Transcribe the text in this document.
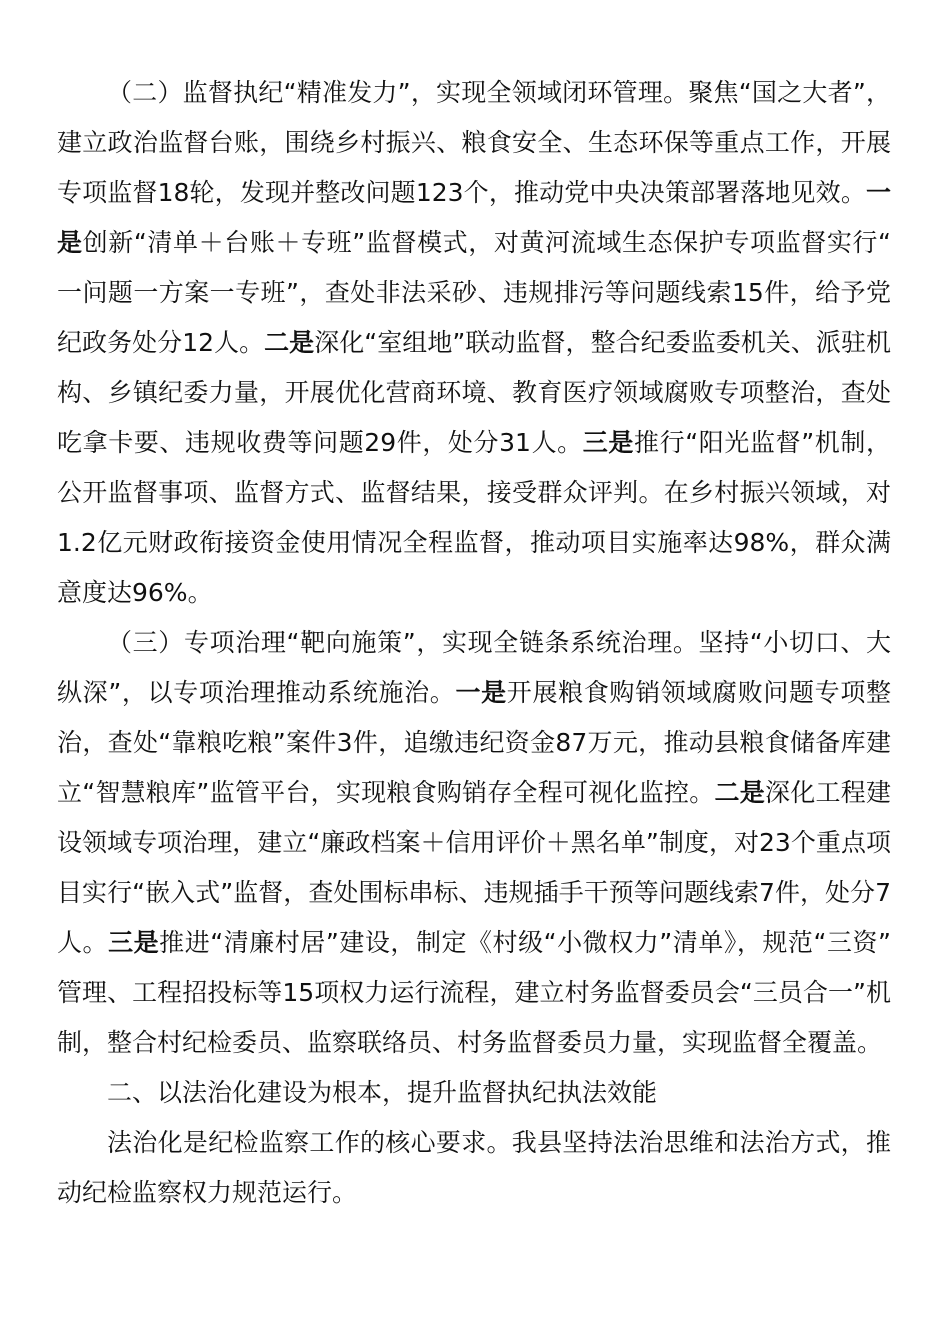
（二）监督执纪“精准发力”，实现全领域闭环管理。聚焦“国之大者”，建立政治监督台账，围绕乡村振兴、粮食安全、生态环保等重点工作，开展专项监督18轮，发现并整改问题123个，推动党中央决策部署落地见效。一是创新“清单＋台账＋专班”监督模式，对黄河流域生态保护专项监督实行“一问题一方案一专班”，查处非法采砂、违规排污等问题线索15件，给予党纪政务处分12人。二是深化“室组地”联动监督，整合纪委监委机关、派驻机构、乡镇纪委力量，开展优化营商环境、教育医疗领域腐败专项整治，查处吃拿卡要、违规收费等问题29件，处分31人。三是推行“阳光监督”机制，公开监督事项、监督方式、监督结果，接受群众评判。在乡村振兴领域，对1.2亿元财政衔接资金使用情况全程监督，推动项目实施率达98%，群众满意度达96%。

（三）专项治理“靶向施策”，实现全链条系统治理。坚持“小切口、大纵深”，以专项治理推动系统施治。一是开展粮食购销领域腐败问题专项整治，查处“靠粮吃粮”案件3件，追缴违纪资金87万元，推动县粮食储备库建立“智慧粮库”监管平台，实现粮食购销存全程可视化监控。二是深化工程建设领域专项治理，建立“廉政档案＋信用评价＋黑名单”制度，对23个重点项目实行“嵌入式”监督，查处围标串标、违规插手干预等问题线索7件，处分7人。三是推进“清廉村居”建设，制定《村级“小微权力”清单》，规范“三资”管理、工程招投标等15项权力运行流程，建立村务监督委员会“三员合一”机制，整合村纪检委员、监察联络员、村务监督委员力量，实现监督全覆盖。

二、以法治化建设为根本，提升监督执纪执法效能

法治化是纪检监察工作的核心要求。我县坚持法治思维和法治方式，推动纪检监察权力规范运行。
